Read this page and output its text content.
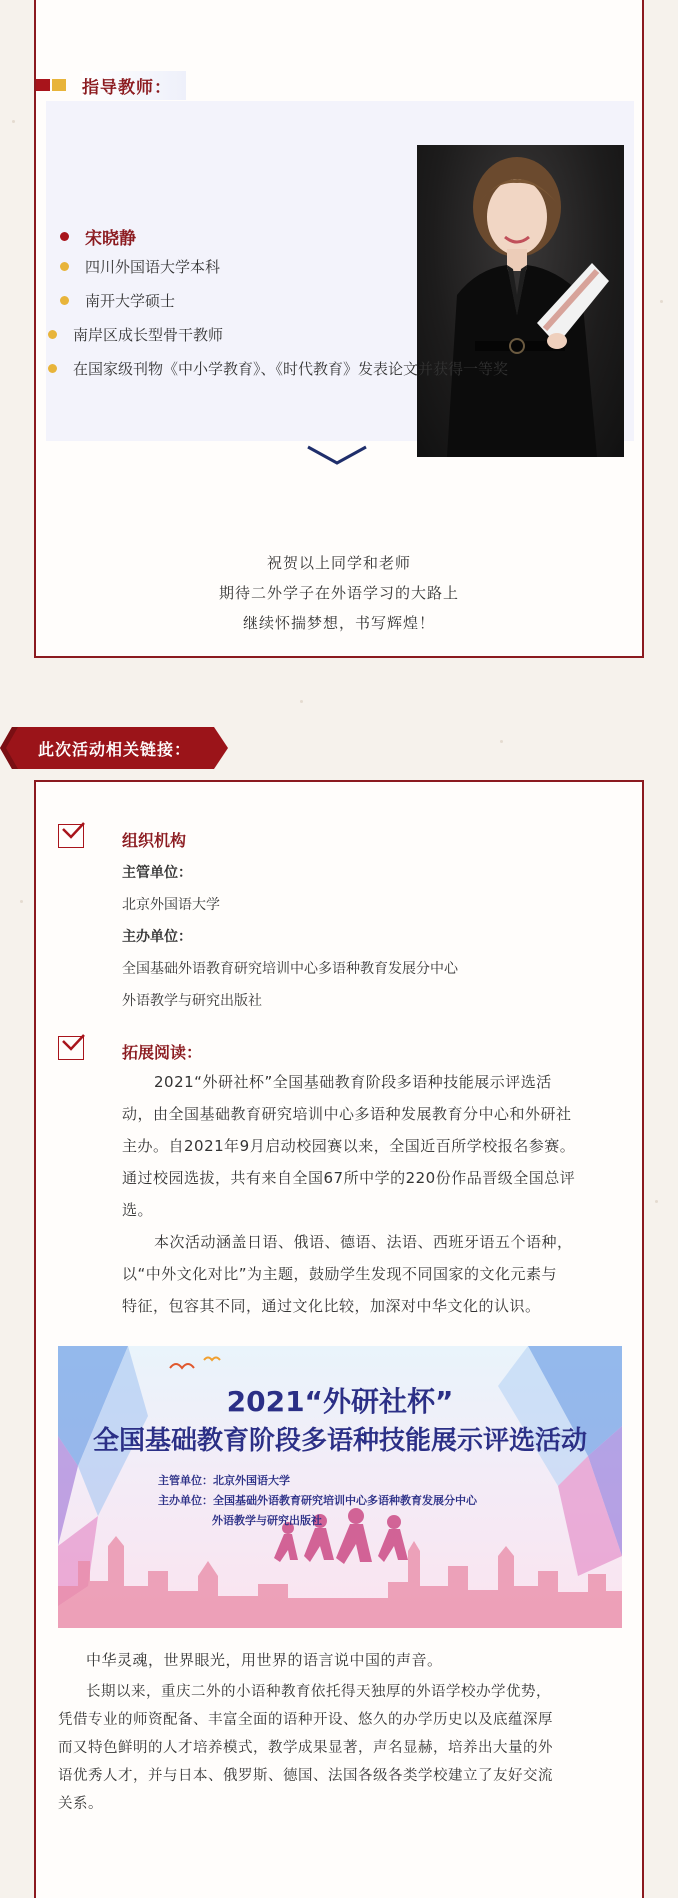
指导教师：
宋晓静
四川外国语大学本科
南开大学硕士
南岸区成长型骨干教师
在国家级刊物《中小学教育》、《时代教育》发表论文并获得一等奖
祝贺以上同学和老师
期待二外学子在外语学习的大路上
继续怀揣梦想，书写辉煌！
此次活动相关链接：
组织机构
主管单位：
北京外国语大学
主办单位：
全国基础外语教育研究培训中心多语种教育发展分中心
外语教学与研究出版社
拓展阅读：
2021“外研社杯”全国基础教育阶段多语种技能展示评选活
动，由全国基础教育研究培训中心多语种发展教育分中心和外研社
主办。自2021年9月启动校园赛以来，全国近百所学校报名参赛。
通过校园选拔，共有来自全国67所中学的220份作品晋级全国总评
选。
本次活动涵盖日语、俄语、德语、法语、西班牙语五个语种，
以“中外文化对比”为主题，鼓励学生发现不同国家的文化元素与
特征，包容其不同，通过文化比较，加深对中华文化的认识。
2021“外研社杯”
全国基础教育阶段多语种技能展示评选活动
主管单位：北京外国语大学
主办单位：全国基础外语教育研究培训中心多语种教育发展分中心
外语教学与研究出版社
中华灵魂，世界眼光，用世界的语言说中国的声音。
长期以来，重庆二外的小语种教育依托得天独厚的外语学校办学优势，
凭借专业的师资配备、丰富全面的语种开设、悠久的办学历史以及底蕴深厚
而又特色鲜明的人才培养模式，教学成果显著，声名显赫，培养出大量的外
语优秀人才，并与日本、俄罗斯、德国、法国各级各类学校建立了友好交流
关系。
